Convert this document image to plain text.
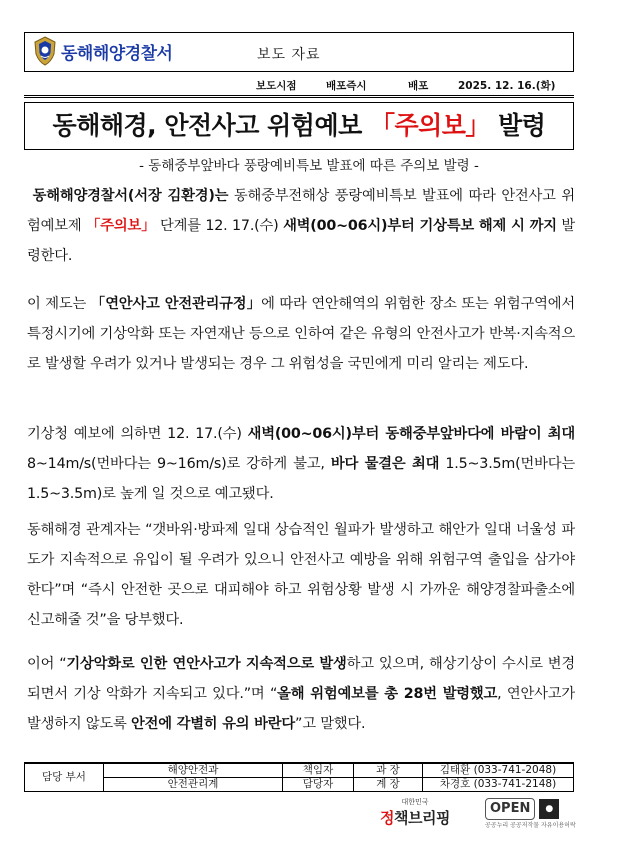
동해해양경찰서	보도 자료
보도시점	배포즉시	배포	2025. 12. 16.(화)
동해해경, 안전사고 위험예보 「주의보」 발령
- 동해중부앞바다 풍랑예비특보 발표에 따른 주의보 발령 -
동해해양경찰서(서장 김환경)는 동해중부전해상 풍랑예비특보 발표에 따라 안전사고 위험예보제 「주의보」 단계를 12. 17.(수) 새벽(00~06시)부터 기상특보 해제 시 까지 발령한다.
이 제도는 「연안사고 안전관리규정」에 따라 연안해역의 위험한 장소 또는 위험구역에서 특정시기에 기상악화 또는 자연재난 등으로 인하여 같은 유형의 안전사고가 반복·지속적으로 발생할 우려가 있거나 발생되는 경우 그 위험성을 국민에게 미리 알리는 제도다.
기상청 예보에 의하면 12. 17.(수) 새벽(00~06시)부터 동해중부앞바다에 바람이 최대 8~14m/s(먼바다는 9~16m/s)로 강하게 불고, 바다 물결은 최대 1.5~3.5m(먼바다는 1.5~3.5m)로 높게 일 것으로 예고됐다.
동해해경 관계자는 “갯바위·방파제 일대 상습적인 월파가 발생하고 해안가 일대 너울성 파도가 지속적으로 유입이 될 우려가 있으니 안전사고 예방을 위해 위험구역 출입을 삼가야 한다”며 “즉시 안전한 곳으로 대피해야 하고 위험상황 발생 시 가까운 해양경찰파출소에 신고해줄 것”을 당부했다.
이어 “기상악화로 인한 연안사고가 지속적으로 발생하고 있으며, 해상기상이 수시로 변경되면서 기상 악화가 지속되고 있다.”며 “올해 위험예보를 총 28번 발령했고, 연안사고가 발생하지 않도록 안전에 각별히 유의 바란다”고 말했다.
담당 부서	해양안전과	책임자	과 장	김태환 (033-741-2048)
	안전관리계	담당자	계 장	차경호 (033-741-2148)
대한민국
정책브리핑
OPEN	●
공공누리 공공저작물 자유이용허락
